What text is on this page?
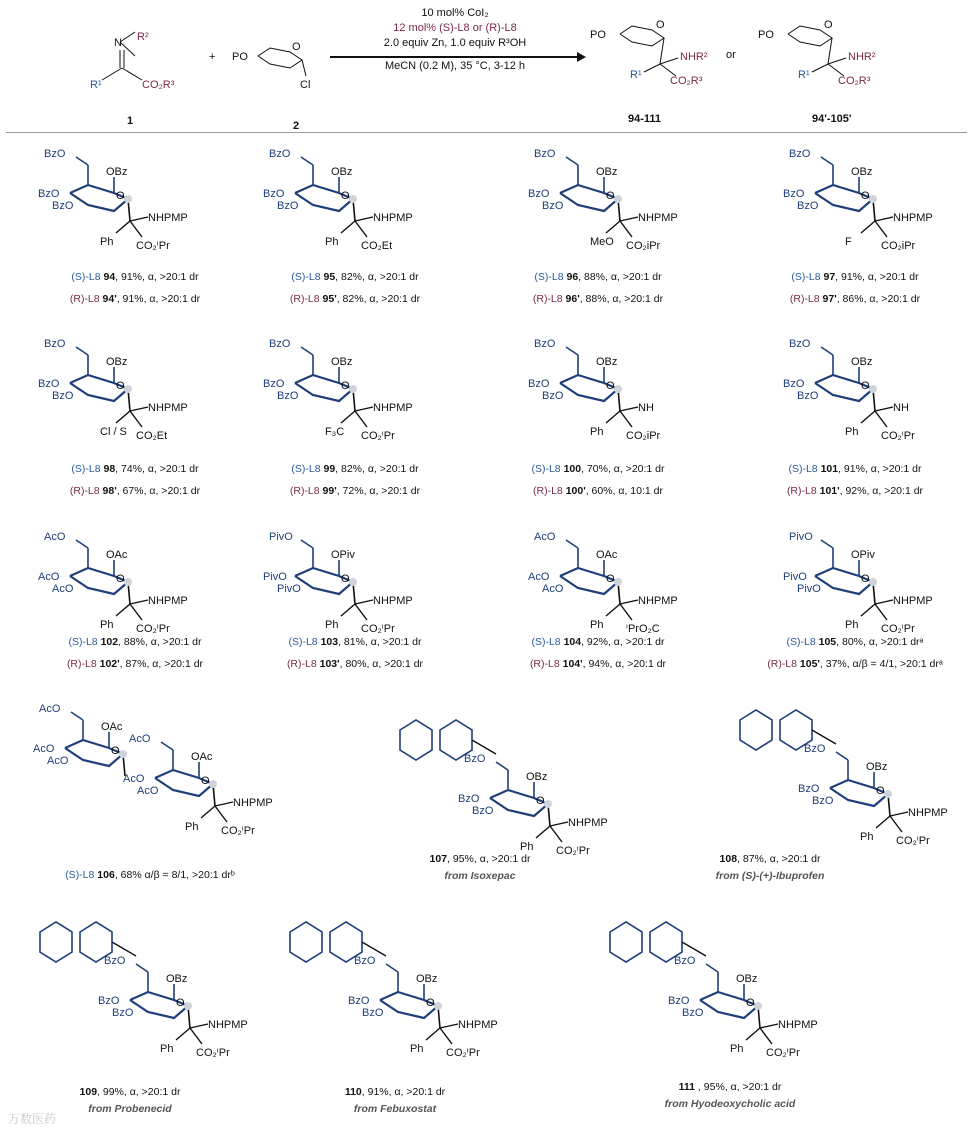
N R²
R¹	CO₂R³
1
+ PO
O
Cl
2
10 mol% CoI₂
12 mol% (S)-L8 or (R)-L8
2.0 equiv Zn, 1.0 equiv R³OH
MeCN (0.2 M), 35 °C, 3-12 h
PO
O
NHR²
R¹	CO₂R³
94-111
or
PO
O
NHR²
R¹	CO₂R³
94'-105'
BzO
OBz
BzO
BzO
O
NHPMP
Ph CO₂ⁱPr
(S)-L8 94, 91%, α, >20:1 dr
(R)-L8 94', 91%, α, >20:1 dr
BzO
OBz
BzO
BzO
O
NHPMP
Ph CO₂Et
(S)-L8 95, 82%, α, >20:1 dr
(R)-L8 95', 82%, α, >20:1 dr
BzO
OBz
BzO
BzO
O
NHPMP
MeO CO₂iPr
(S)-L8 96, 88%, α, >20:1 dr
(R)-L8 96', 88%, α, >20:1 dr
BzO
OBz
BzO
BzO
O
NHPMP
F	CO₂iPr
(S)-L8 97, 91%, α, >20:1 dr
(R)-L8 97', 86%, α, >20:1 dr
BzO
OBz
BzO
BzO
O
NHPMP
Cl / S CO₂Et
(S)-L8 98, 74%, α, >20:1 dr
(R)-L8 98', 67%, α, >20:1 dr
BzO
OBz
BzO
BzO
O
NHPMP
F₃C CO₂ⁱPr
(S)-L8 99, 82%, α, >20:1 dr
(R)-L8 99', 72%, α, >20:1 dr
BzO
OBz
BzO
BzO
O
NH
Ph CO₂iPr
(S)-L8 100, 70%, α, >20:1 dr
(R)-L8 100', 60%, α, 10:1 dr
BzO
OBz
BzO
BzO
O
NH
Ph CO₂ⁱPr
(S)-L8 101, 91%, α, >20:1 dr
(R)-L8 101', 92%, α, >20:1 dr
AcO
OAc
AcO
AcO
O
NHPMP
Ph CO₂ⁱPr
(S)-L8 102, 88%, α, >20:1 dr
(R)-L8 102', 87%, α, >20:1 dr
PivO
OPiv
PivO
PivO
O
NHPMP
Ph CO₂ⁱPr
(S)-L8 103, 81%, α, >20:1 dr
(R)-L8 103', 80%, α, >20:1 dr
AcO
OAc
AcO
AcO
O
NHPMP
Ph ⁱPrO₂C
(S)-L8 104, 92%, α, >20:1 dr
(R)-L8 104', 94%, α, >20:1 dr
PivO
OPiv
PivO
PivO
O
NHPMP
Ph CO₂ⁱPr
(S)-L8 105, 80%, α, >20:1 drᵃ
(R)-L8 105', 37%, α/β = 4/1, >20:1 drᵃ
AcO
OAc
AcO
AcO
O
AcO
OAc
AcO
AcO
O
NHPMP
Ph CO₂ⁱPr
(S)-L8 106, 68% α/β = 8/1, >20:1 drᵇ
BzO
OBz
BzO
BzO
O
NHPMP
Ph CO₂ⁱPr
107, 95%, α, >20:1 dr
from Isoxepac
BzO
OBz
BzO
BzO
O
NHPMP
Ph CO₂ⁱPr
108, 87%, α, >20:1 dr
from (S)-(+)-Ibuprofen
BzO
OBz
BzO
BzO
O
NHPMP
Ph CO₂ⁱPr
109, 99%, α, >20:1 dr
from Probenecid
BzO
OBz
BzO
BzO
O
NHPMP
Ph CO₂ⁱPr
110, 91%, α, >20:1 dr
from Febuxostat
BzO
OBz
BzO
BzO
O
NHPMP
Ph CO₂ⁱPr
111 , 95%, α, >20:1 dr
from Hyodeoxycholic acid
万数医药
